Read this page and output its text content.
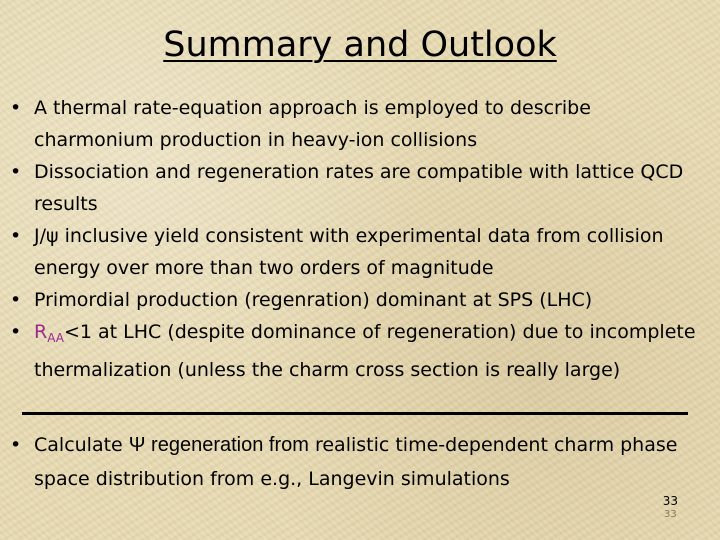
Summary and Outlook
• A thermal rate-equation approach is employed to describe charmonium production in heavy-ion collisions
• Dissociation and regeneration rates are compatible with lattice QCD results
• J/ψ inclusive yield consistent with experimental data from collision energy over more than two orders of magnitude
• Primordial production (regenration) dominant at SPS (LHC)
• $R_{AA}<1$ at LHC (despite dominance of regeneration) due to incomplete thermalization (unless the charm cross section is really large)
• Calculate Ψ regeneration from realistic time-dependent charm phase space distribution from e.g., Langevin simulations
33
33
